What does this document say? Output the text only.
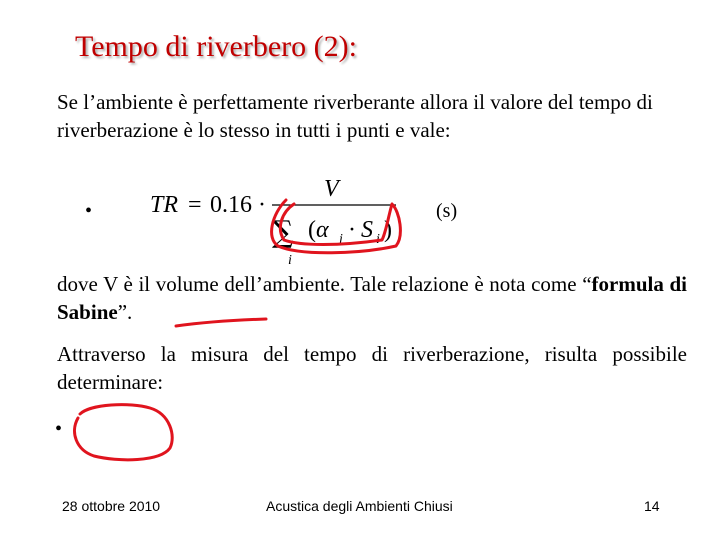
Tempo di riverbero (2):
Se l’ambiente è perfettamente riverberante allora il valore del tempo di riverberazione è lo stesso in tutti i punti e vale:
• TR = 0.16 ·
V
∑
i
( α i · S i )
(s)
dove V è il volume dell’ambiente. Tale relazione è nota come “formula di Sabine”.
Attraverso la misura del tempo di riverberazione, risulta possibile determinare:
•
28 ottobre 2010	Acustica degli Ambienti Chiusi	14
